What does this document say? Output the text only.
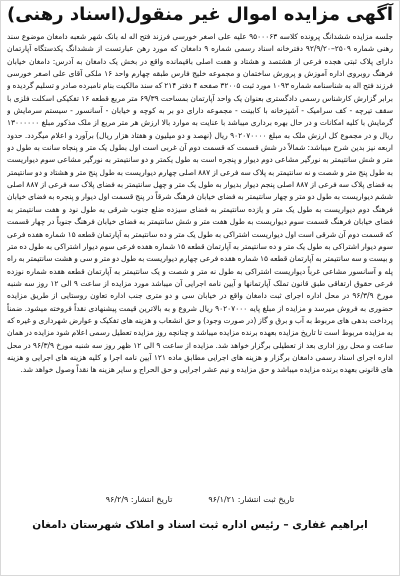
آگهی مزایده اموال غیر منقول(اسناد رهنی)

جلسه مزایده ششدانگ پرونده کلاسه ۹۵۰۰۰۶۳ علیه علی اصغر خورسی فرزند فتح اله له بانک شهر شعبه دامغان موضوع سند رهنی شماره ۲۵۰۹–۹۲/۹/۲۰ دفترخانه اسناد رسمی شماره ۹ دامغان که مورد رهن عبارتست از ششدانگ یکدستگاه آپارتمان دارای پلاک ثبتی هجده فرعی از هشتصد و هشتاد و هفت اصلی باقیمانده واقع در بخش یک دامغان به آدرس: دامغان خیابان فرهنگ روبروی اداره آموزش و پرورش ساختمان و مجموعه خلیج فارس طبقه چهارم واحد ۱۶ ملکی آقای علی اصغر خورسی فرزند فتح اله به شناسنامه شماره ۱۰۹۳ مورد ثبت ۳۲۰۰۵ صفحه ۴ دفتر ۲۱۴ که سند مالکیت بنام نامبرده صادر و تسلیم گردیده و برابر گزارش کارشناس رسمی دادگستری بعنوان یک واحد آپارتمان بمساحت ۶۹/۳۹ متر مربع قطعه ۱۶ تفکیکی اسکلت فلزی با سقف تیرچه - کف سرامیک - آشپزخانه با کابینت - مجموعه دارای دو بر به کوچه و خیابان - آسانسور - سیستم سرمایش و گرمایش با کلیه امکانات و در حال بهره برداری میباشد با عنایت به موارد بالا ارزش هر متر مربع از ملک مذکور مبلغ ۱۳۰۰۰۰۰۰ ریال و در مجموع کل ارزش ملک به مبلغ ۹۰۲۰۷۰۰۰۰ ریال (نهصد و دو میلیون و هفتاد هزار ریال) برآورد و اعلام میگردد. حدود اربعه نیز بدین شرح میباشد: شمالاً در شش قسمت که قسمت دوم آن غربی است اول بطول یک متر و پنجاه سانت به طول دو متر و شش سانتیمتر به نورگیر مشاعی دوم دیوار و پنجره است به طول یکمتر و دو سانتیمتر به نورگیر مشاعی سوم دیواریست به طول پنج متر و شصت و نه سانتیمتر به پلاک سه فرعی از ۸۸۷ اصلی چهارم دیواریست به طول پنج متر و هشتاد و دو سانتیمتر به فضای پلاک سه فرعی از ۸۸۷ اصلی پنجم دیوار بدیوار به طول یک متر و چهل سانتیمتر به فضای پلاک سه فرعی از ۸۸۷ اصلی ششم دیواریست به طول دو متر و چهار سانتیمتر به فضای خیابان فرهنگ شرقاً در پنج قسمت اول دیوار و پنجره به فضای خیابان فرهنگ دوم دیواریست به طول یک متر و یازده سانتیمتر به فضای سیزده ضلع جنوب شرقی به طول نود و هفت سانتیمتر به فضای خیابان فرهنگ قسمت سوم دیواریست به طول هفت متر و شش سانتیمتر به فضای خیابان فرهنگ جنوباً در چهار قسمت که قسمت دوم آن شرقی است اول دیواریست اشتراکی به طول یک متر و ده سانتیمتر به آپارتمان قطعه ۱۵ شماره هفده فرعی سوم دیوار اشتراکی به طول یک متر و ده سانتیمتر به آپارتمان قطعه ۱۵ شماره هفده فرعی سوم دیوار اشتراکی به طول ده متر و بیست و سه سانتیمتر به آپارتمان قطعه ۱۵ شماره هفده فرعی چهارم دیواریست به طول دو متر و سی و هشت سانتیمتر به راه پله و آسانسور مشاعی غرباً دیواریست اشتراکی به طول نه متر و شصت و یک سانتیمتر به آپارتمان قطعه هفده شماره نوزده فرعی حقوق ارتفاقی طبق قانون تملک آپارتمانها و آیین نامه اجرایی آن میباشد مورد مزایده از ساعت ۹ الی ۱۲ روز سه شنبه مورخ ۹۶/۳/۹ در محل اداره اجرای ثبت دامغان واقع در خیابان سی و دو متری جنب اداره تعاون روستایی از طریق مزایده حضوری به فروش میرسد و مزایده از مبلغ پایه ۹۰۲۰۷۰۰۰ ریال شروع و به بالاترین قیمت پیشنهادی نقداً فروخته میشود. ضمناً پرداخت بدهی های مربوط به آب و برق و گاز (در صورت وجود) و حق انشعاب و هزینه های تفکیک و عوارض شهرداری و غیره که به مزایده مربوط است تا تاریخ مزایده بعهده برنده مزایده میباشد و چنانچه روز مزایده تعطیل رسمی اعلام شود مزایده در همان ساعت و محل روز اداری بعد از تعطیلی برگزار خواهد شد. مزایده از ساعت ۹ الی ۱۲ ظهر روز سه شنبه مورخ ۹۶/۳/۹ در محل اداره اجرای اسناد رسمی دامغان برگزار و هزینه های اجرایی مطابق ماده ۱۲۱ آیین نامه اجرا و کلیه هزینه های اجرایی و هزینه های قانونی بعهده برنده مزایده میباشد و حق مزایده و نیم عشر اجرایی و حق الحراج و سایر هزینه ها نقداً وصول خواهد شد.

تاریخ ثبت انتشار: ۹۶/۱/۲۱
تاریخ انتشار: ۹۶/۲/۹
ابراهیم غفاری – رئیس اداره ثبت اسناد و املاک شهرستان دامغان
